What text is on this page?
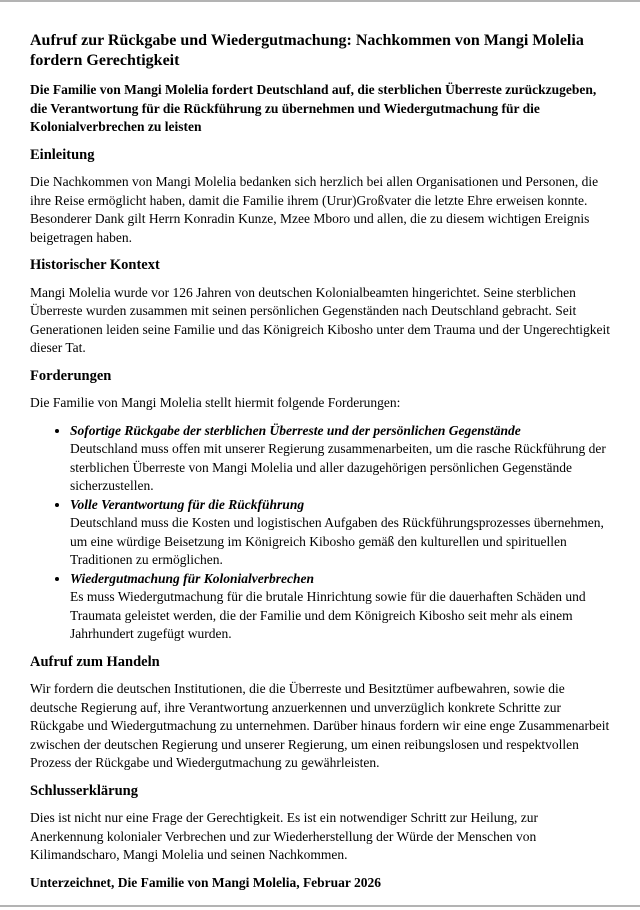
Aufruf zur Rückgabe und Wiedergutmachung: Nachkommen von Mangi Molelia fordern Gerechtigkeit

Die Familie von Mangi Molelia fordert Deutschland auf, die sterblichen Überreste zurückzugeben, die Verantwortung für die Rückführung zu übernehmen und Wiedergutmachung für die Kolonialverbrechen zu leisten

Einleitung

Die Nachkommen von Mangi Molelia bedanken sich herzlich bei allen Organisationen und Personen, die ihre Reise ermöglicht haben, damit die Familie ihrem (Urur)Großvater die letzte Ehre erweisen konnte. Besonderer Dank gilt Herrn Konradin Kunze, Mzee Mboro und allen, die zu diesem wichtigen Ereignis beigetragen haben.

Historischer Kontext

Mangi Molelia wurde vor 126 Jahren von deutschen Kolonialbeamten hingerichtet. Seine sterblichen Überreste wurden zusammen mit seinen persönlichen Gegenständen nach Deutschland gebracht. Seit Generationen leiden seine Familie und das Königreich Kibosho unter dem Trauma und der Ungerechtigkeit dieser Tat.

Forderungen

Die Familie von Mangi Molelia stellt hiermit folgende Forderungen:

• Sofortige Rückgabe der sterblichen Überreste und der persönlichen Gegenstände
Deutschland muss offen mit unserer Regierung zusammenarbeiten, um die rasche Rückführung der sterblichen Überreste von Mangi Molelia und aller dazugehörigen persönlichen Gegenstände sicherzustellen.
• Volle Verantwortung für die Rückführung
Deutschland muss die Kosten und logistischen Aufgaben des Rückführungsprozesses übernehmen, um eine würdige Beisetzung im Königreich Kibosho gemäß den kulturellen und spirituellen Traditionen zu ermöglichen.
• Wiedergutmachung für Kolonialverbrechen
Es muss Wiedergutmachung für die brutale Hinrichtung sowie für die dauerhaften Schäden und Traumata geleistet werden, die der Familie und dem Königreich Kibosho seit mehr als einem Jahrhundert zugefügt wurden.
Aufruf zum Handeln

Wir fordern die deutschen Institutionen, die die Überreste und Besitztümer aufbewahren, sowie die deutsche Regierung auf, ihre Verantwortung anzuerkennen und unverzüglich konkrete Schritte zur Rückgabe und Wiedergutmachung zu unternehmen. Darüber hinaus fordern wir eine enge Zusammenarbeit zwischen der deutschen Regierung und unserer Regierung, um einen reibungslosen und respektvollen Prozess der Rückgabe und Wiedergutmachung zu gewährleisten.

Schlusserklärung

Dies ist nicht nur eine Frage der Gerechtigkeit. Es ist ein notwendiger Schritt zur Heilung, zur Anerkennung kolonialer Verbrechen und zur Wiederherstellung der Würde der Menschen von Kilimandscharo, Mangi Molelia und seinen Nachkommen.

Unterzeichnet, Die Familie von Mangi Molelia, Februar 2026
